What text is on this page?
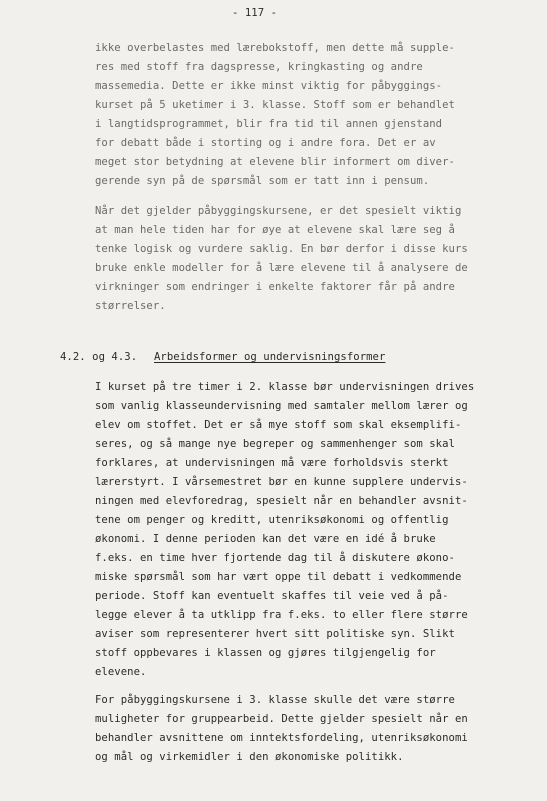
- 117 -
ikke overbelastes med lærebokstoff, men dette må supple-
res med stoff fra dagspresse, kringkasting og andre
massemedia. Dette er ikke minst viktig for påbyggings-
kurset på 5 uketimer i 3. klasse. Stoff som er behandlet
i langtidsprogrammet, blir fra tid til annen gjenstand
for debatt både i storting og i andre fora. Det er av
meget stor betydning at elevene blir informert om diver-
gerende syn på de spørsmål som er tatt inn i pensum.
Når det gjelder påbyggingskursene, er det spesielt viktig
at man hele tiden har for øye at elevene skal lære seg å
tenke logisk og vurdere saklig. En bør derfor i disse kurs
bruke enkle modeller for å lære elevene til å analysere de
virkninger som endringer i enkelte faktorer får på andre
størrelser.
4.2. og 4.3. Arbeidsformer og undervisningsformer
I kurset på tre timer i 2. klasse bør undervisningen drives
som vanlig klasseundervisning med samtaler mellom lærer og
elev om stoffet. Det er så mye stoff som skal eksemplifi-
seres, og så mange nye begreper og sammenhenger som skal
forklares, at undervisningen må være forholdsvis sterkt
lærerstyrt. I vårsemestret bør en kunne supplere undervis-
ningen med elevforedrag, spesielt når en behandler avsnit-
tene om penger og kreditt, utenriksøkonomi og offentlig
økonomi. I denne perioden kan det være en idé å bruke
f.eks. en time hver fjortende dag til å diskutere økono-
miske spørsmål som har vært oppe til debatt i vedkommende
periode. Stoff kan eventuelt skaffes til veie ved å på-
legge elever å ta utklipp fra f.eks. to eller flere større
aviser som representerer hvert sitt politiske syn. Slikt
stoff oppbevares i klassen og gjøres tilgjengelig for
elevene.
For påbyggingskursene i 3. klasse skulle det være større
muligheter for gruppearbeid. Dette gjelder spesielt når en
behandler avsnittene om inntektsfordeling, utenriksøkonomi
og mål og virkemidler i den økonomiske politikk.
